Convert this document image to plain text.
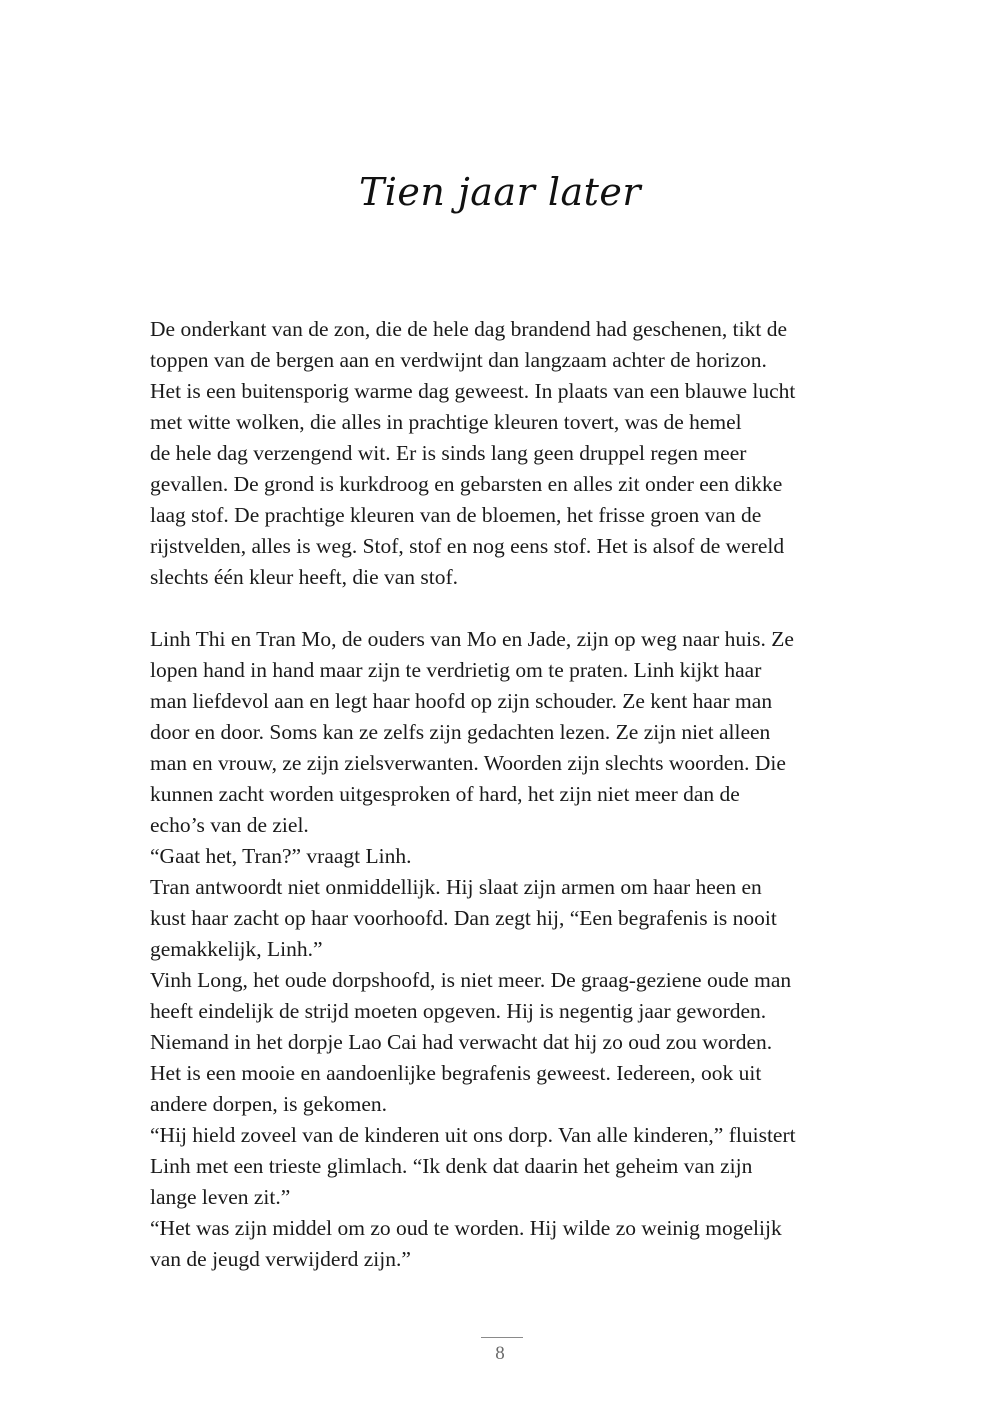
Tien jaar later
De onderkant van de zon, die de hele dag brandend had geschenen, tikt de
toppen van de bergen aan en verdwijnt dan langzaam achter de horizon.
Het is een buitensporig warme dag geweest. In plaats van een blauwe lucht
met witte wolken, die alles in prachtige kleuren tovert, was de hemel
de hele dag verzengend wit. Er is sinds lang geen druppel regen meer
gevallen. De grond is kurkdroog en gebarsten en alles zit onder een dikke
laag stof. De prachtige kleuren van de bloemen, het frisse groen van de
rijstvelden, alles is weg. Stof, stof en nog eens stof. Het is alsof de wereld
slechts één kleur heeft, die van stof.
Linh Thi en Tran Mo, de ouders van Mo en Jade, zijn op weg naar huis. Ze
lopen hand in hand maar zijn te verdrietig om te praten. Linh kijkt haar
man liefdevol aan en legt haar hoofd op zijn schouder. Ze kent haar man
door en door. Soms kan ze zelfs zijn gedachten lezen. Ze zijn niet alleen
man en vrouw, ze zijn zielsverwanten. Woorden zijn slechts woorden. Die
kunnen zacht worden uitgesproken of hard, het zijn niet meer dan de
echo’s van de ziel.
“Gaat het, Tran?” vraagt Linh.
Tran antwoordt niet onmiddellijk. Hij slaat zijn armen om haar heen en
kust haar zacht op haar voorhoofd. Dan zegt hij, “Een begrafenis is nooit
gemakkelijk, Linh.”
Vinh Long, het oude dorpshoofd, is niet meer. De graag-geziene oude man
heeft eindelijk de strijd moeten opgeven. Hij is negentig jaar geworden.
Niemand in het dorpje Lao Cai had verwacht dat hij zo oud zou worden.
Het is een mooie en aandoenlijke begrafenis geweest. Iedereen, ook uit
andere dorpen, is gekomen.
“Hij hield zoveel van de kinderen uit ons dorp. Van alle kinderen,” fluistert
Linh met een trieste glimlach. “Ik denk dat daarin het geheim van zijn
lange leven zit.”
“Het was zijn middel om zo oud te worden. Hij wilde zo weinig mogelijk
van de jeugd verwijderd zijn.”
8
